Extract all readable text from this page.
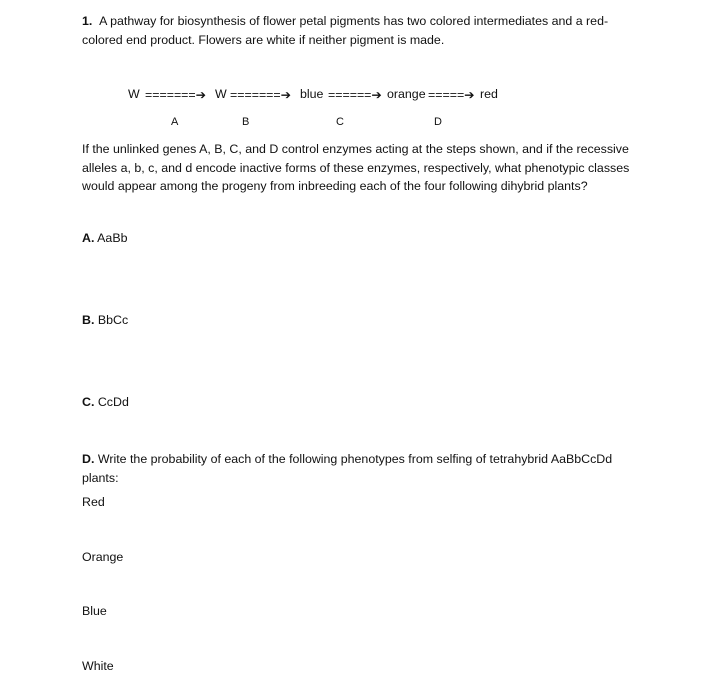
1. A pathway for biosynthesis of flower petal pigments has two colored intermediates and a red-colored end product. Flowers are white if neither pigment is made.
W =======➔ W =======➔ blue ======➔ orange =====➔ red
A	B	C	D
If the unlinked genes A, B, C, and D control enzymes acting at the steps shown, and if the recessive alleles a, b, c, and d encode inactive forms of these enzymes, respectively, what phenotypic classes would appear among the progeny from inbreeding each of the four following dihybrid plants?
A. AaBb
B. BbCc
C. CcDd
D. Write the probability of each of the following phenotypes from selfing of tetrahybrid AaBbCcDd plants:
Red
Orange
Blue
White
